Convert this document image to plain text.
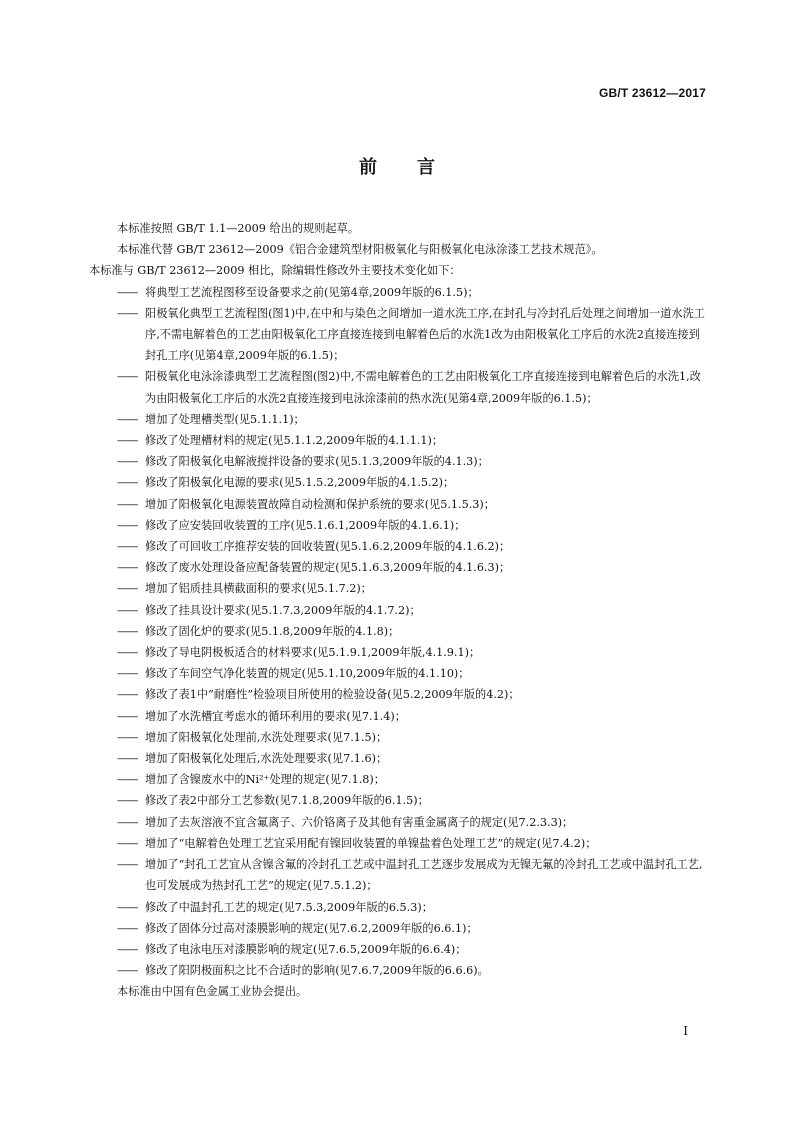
GB/T 23612—2017
前言
本标准按照 GB/T 1.1—2009 给出的规则起草。
本标准代替 GB/T 23612—2009《铝合金建筑型材阳极氧化与阳极氧化电泳涂漆工艺技术规范》。
本标准与 GB/T 23612—2009 相比，除编辑性修改外主要技术变化如下：
—— 将典型工艺流程图移至设备要求之前(见第4章,2009年版的6.1.5)；
—— 阳极氧化典型工艺流程图(图1)中,在中和与染色之间增加一道水洗工序,在封孔与冷封孔后处理之间增加一道水洗工序,不需电解着色的工艺由阳极氧化工序直接连接到电解着色后的水洗1改为由阳极氧化工序后的水洗2直接连接到封孔工序(见第4章,2009年版的6.1.5)；
—— 阳极氧化电泳涂漆典型工艺流程图(图2)中,不需电解着色的工艺由阳极氧化工序直接连接到电解着色后的水洗1,改为由阳极氧化工序后的水洗2直接连接到电泳涂漆前的热水洗(见第4章,2009年版的6.1.5)；
—— 增加了处理槽类型(见5.1.1.1)；
—— 修改了处理槽材料的规定(见5.1.1.2,2009年版的4.1.1.1)；
—— 修改了阳极氧化电解液搅拌设备的要求(见5.1.3,2009年版的4.1.3)；
—— 修改了阳极氧化电源的要求(见5.1.5.2,2009年版的4.1.5.2)；
—— 增加了阳极氧化电源装置故障自动检测和保护系统的要求(见5.1.5.3)；
—— 修改了应安装回收装置的工序(见5.1.6.1,2009年版的4.1.6.1)；
—— 修改了可回收工序推荐安装的回收装置(见5.1.6.2,2009年版的4.1.6.2)；
—— 修改了废水处理设备应配备装置的规定(见5.1.6.3,2009年版的4.1.6.3)；
—— 增加了铝质挂具横截面积的要求(见5.1.7.2)；
—— 修改了挂具设计要求(见5.1.7.3,2009年版的4.1.7.2)；
—— 修改了固化炉的要求(见5.1.8,2009年版的4.1.8)；
—— 修改了导电阴极板适合的材料要求(见5.1.9.1,2009年版,4.1.9.1)；
—— 修改了车间空气净化装置的规定(见5.1.10,2009年版的4.1.10)；
—— 修改了表1中“耐磨性”检验项目所使用的检验设备(见5.2,2009年版的4.2)；
—— 增加了水洗槽宜考虑水的循环利用的要求(见7.1.4)；
—— 增加了阳极氧化处理前,水洗处理要求(见7.1.5)；
—— 增加了阳极氧化处理后,水洗处理要求(见7.1.6)；
—— 增加了含镍废水中的Ni²⁺处理的规定(见7.1.8)；
—— 修改了表2中部分工艺参数(见7.1.8,2009年版的6.1.5)；
—— 增加了去灰溶液不宜含氟离子、六价铬离子及其他有害重金属离子的规定(见7.2.3.3)；
—— 增加了“电解着色处理工艺宜采用配有镍回收装置的单镍盐着色处理工艺”的规定(见7.4.2)；
—— 增加了“封孔工艺宜从含镍含氟的冷封孔工艺或中温封孔工艺逐步发展成为无镍无氟的冷封孔工艺或中温封孔工艺,也可发展成为热封孔工艺”的规定(见7.5.1.2)；
—— 修改了中温封孔工艺的规定(见7.5.3,2009年版的6.5.3)；
—— 修改了固体分过高对漆膜影响的规定(见7.6.2,2009年版的6.6.1)；
—— 修改了电泳电压对漆膜影响的规定(见7.6.5,2009年版的6.6.4)；
—— 修改了阳阴极面积之比不合适时的影响(见7.6.7,2009年版的6.6.6)。
本标准由中国有色金属工业协会提出。
I
